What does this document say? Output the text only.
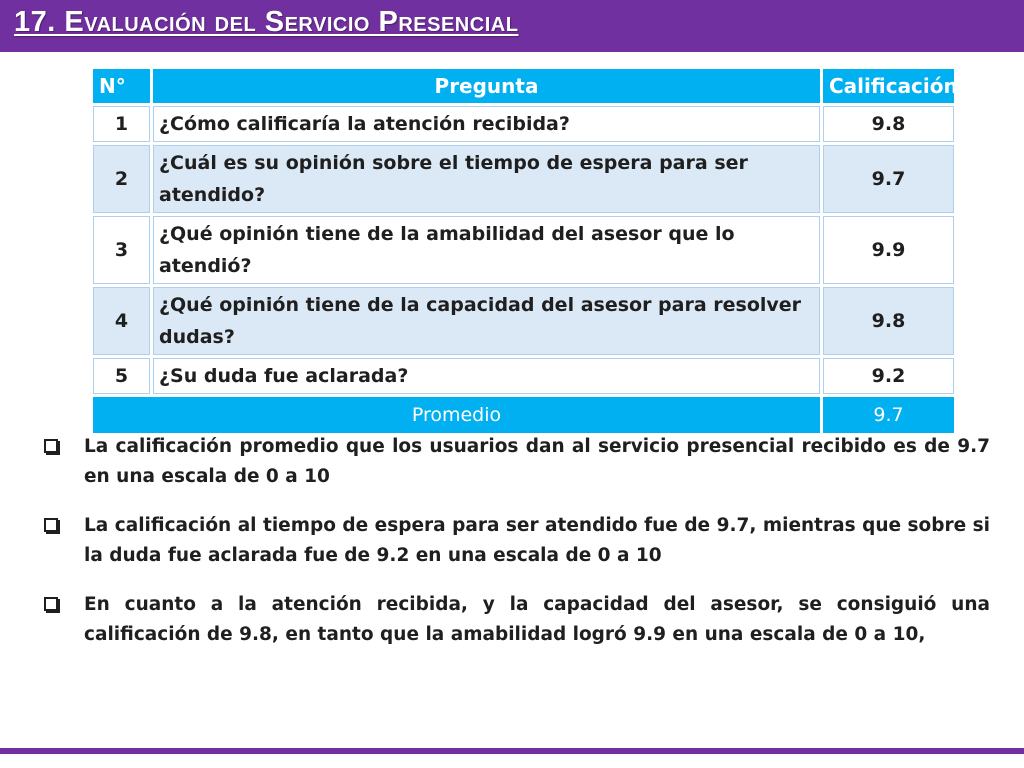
17. Evaluación del Servicio Presencial
N°	Pregunta	Calificación
1	¿Cómo calificaría la atención recibida?	9.8
2	¿Cuál es su opinión sobre el tiempo de espera para ser atendido?	9.7
3	¿Qué opinión tiene de la amabilidad del asesor que lo atendió?	9.9
4	¿Qué opinión tiene de la capacidad del asesor para resolver dudas?	9.8
5	¿Su duda fue aclarada?	9.2
Promedio		9.7
La calificación promedio que los usuarios dan al servicio presencial recibido es de 9.7 en una escala de 0 a 10
La calificación al tiempo de espera para ser atendido fue de 9.7, mientras que sobre si la duda fue aclarada fue de 9.2 en una escala de 0 a 10
En cuanto a la atención recibida, y la capacidad del asesor, se consiguió una calificación de 9.8, en tanto que la amabilidad logró 9.9 en una escala de 0 a 10,
